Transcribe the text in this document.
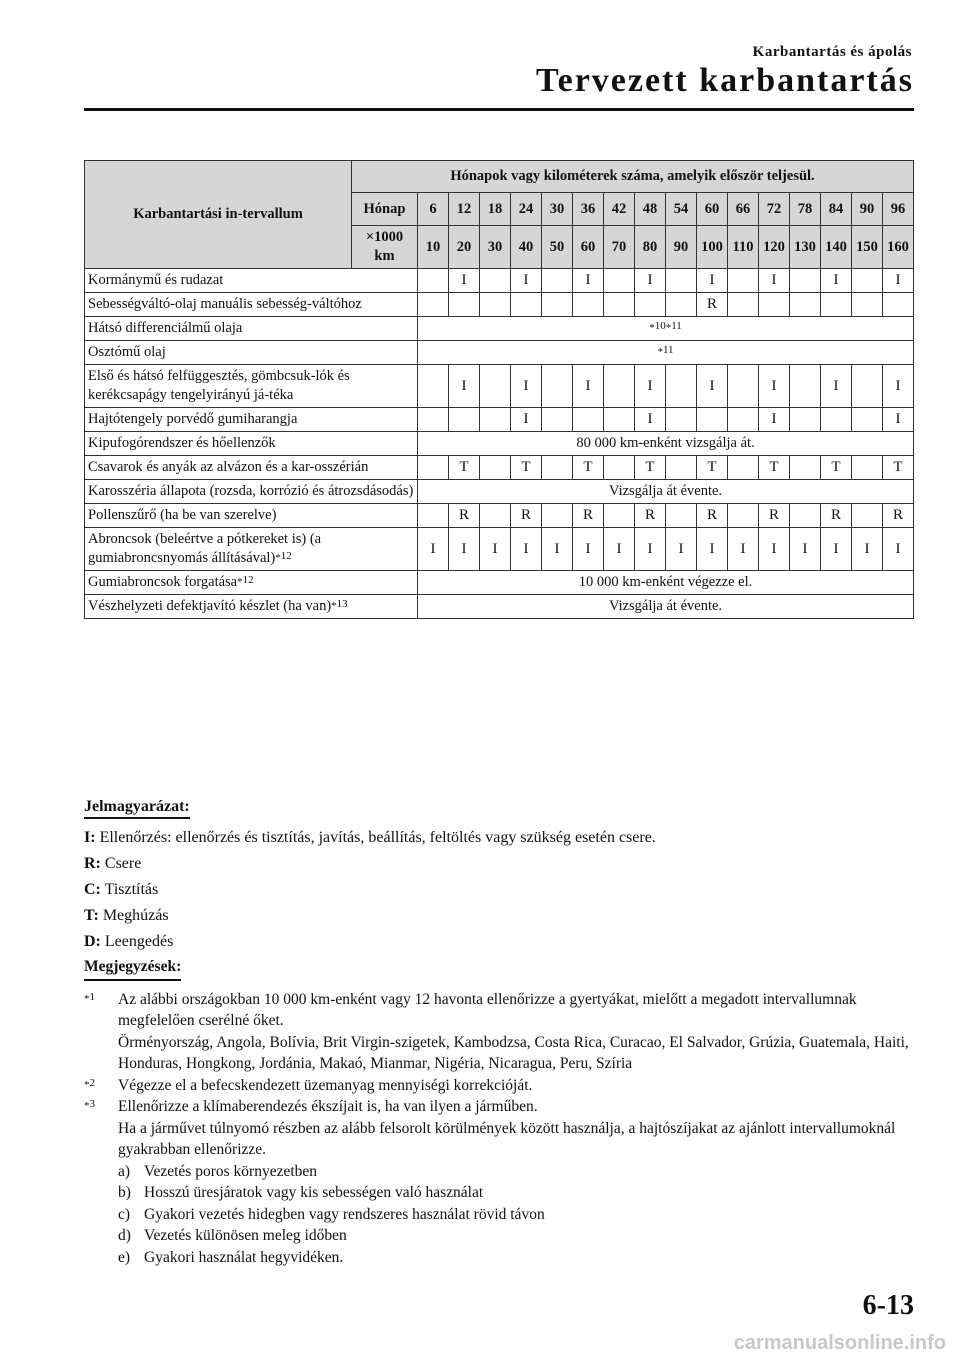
Karbantartás és ápolás
Tervezett karbantartás
Karbantartási in-tervallum	Hónapok vagy kilométerek száma, amelyik először teljesül.																
	Hónap	6	12	18	24	30	36	42	48	54	60	66	72	78	84	90	96
	×1000 km	10	20	30	40	50	60	70	80	90	100	110	120	130	140	150	160
Kormánymű és rudazat			I		I		I		I		I		I		I		I
Sebességváltó-olaj manuális sebesség-váltóhoz											R						
Hátsó differenciálmű olaja		$^{*10*11}$
Osztómű olaj		$^{*11}$
Első és hátsó felfüggesztés, gömbcsuk-lók és kerékcsapágy tengelyirányú já-téka			I		I		I		I		I		I		I		I
Hajtótengely porvédő gumiharangja					I				I				I				I
Kipufogórendszer és hőellenzők		80 000 km-enként vizsgálja át.															
Csavarok és anyák az alvázon és a kar-osszérián			T		T		T		T		T		T		T		T
Karosszéria állapota (rozsda, korrózió és átrozsdásodás)		Vizsgálja át évente.															
Pollenszűrő (ha be van szerelve)			R		R		R		R		R		R		R		R
Abroncsok (beleértve a pótkereket is) (a gumiabroncsnyomás állításával)$^{*12}$		I	I	I	I	I	I	I	I	I	I	I	I	I	I	I	I
Gumiabroncsok forgatása$^{*12}$		10 000 km-enként végezze el.															
Vészhelyzeti defektjavító készlet (ha van)$^{*13}$		Vizsgálja át évente.															
Jelmagyarázat:
I: Ellenőrzés: ellenőrzés és tisztítás, javítás, beállítás, feltöltés vagy szükség esetén csere.
R: Csere
C: Tisztítás
T: Meghúzás
D: Leengedés
Megjegyzések:
$^{*1}$	Az alábbi országokban 10 000 km-enként vagy 12 havonta ellenőrizze a gyertyákat, mielőtt a megadott intervallumnak megfelelően cserélné őket.
Örményország, Angola, Bolívia, Brit Virgin-szigetek, Kambodzsa, Costa Rica, Curacao, El Salvador, Grúzia, Guatemala, Haiti, Honduras, Hongkong, Jordánia, Makaó, Mianmar, Nigéria, Nicaragua, Peru, Szíria
$^{*2}$	Végezze el a befecskendezett üzemanyag mennyiségi korrekcióját.
$^{*3}$	Ellenőrizze a klímaberendezés ékszíjait is, ha van ilyen a járműben.
Ha a járművet túlnyomó részben az alább felsorolt körülmények között használja, a hajtószíjakat az ajánlott intervallumoknál gyakrabban ellenőrizze.
a) Vezetés poros környezetben
b) Hosszú üresjáratok vagy kis sebességen való használat
c) Gyakori vezetés hidegben vagy rendszeres használat rövid távon
d) Vezetés különösen meleg időben
e) Gyakori használat hegyvidéken.
6-13
carmanualsonline.info
